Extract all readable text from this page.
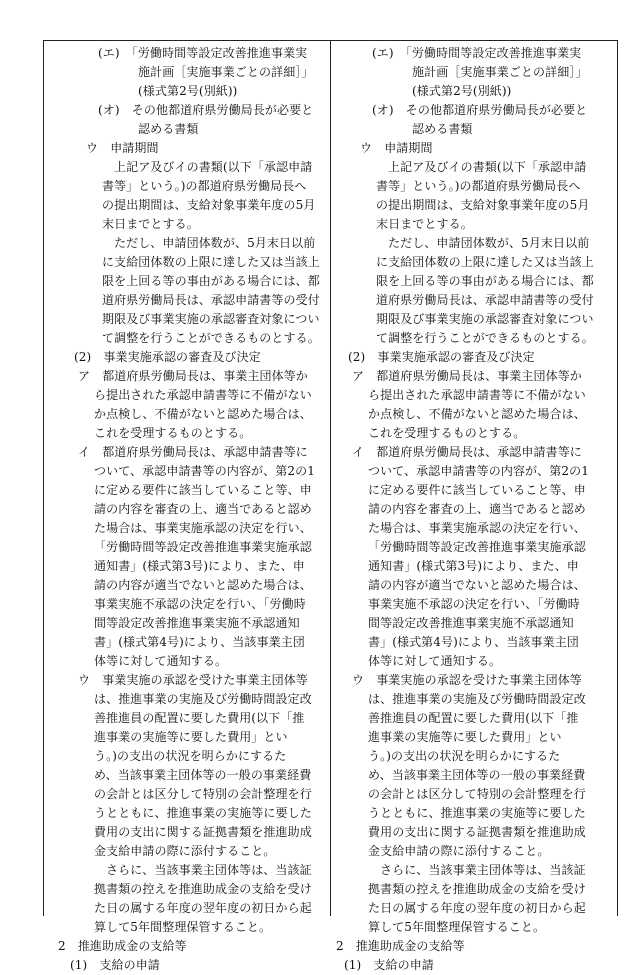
(エ)　「労働時間等設定改善推進事業実
施計画［実施事業ごとの詳細］」
(様式第2号(別紙))
(オ)　その他都道府県労働局長が必要と
認める書類
ウ　申請期間
上記ア及びイの書類(以下「承認申請
書等」という。)の都道府県労働局長へ
の提出期間は、支給対象事業年度の5月
末日までとする。
ただし、申請団体数が、5月末日以前
に支給団体数の上限に達した又は当該上
限を上回る等の事由がある場合には、都
道府県労働局長は、承認申請書等の受付
期限及び事業実施の承認審査対象につい
て調整を行うことができるものとする。
(2)　事業実施承認の審査及び決定
ア　都道府県労働局長は、事業主団体等か
ら提出された承認申請書等に不備がない
か点検し、不備がないと認めた場合は、
これを受理するものとする。
イ　都道府県労働局長は、承認申請書等に
ついて、承認申請書等の内容が、第2の1
に定める要件に該当していること等、申
請の内容を審査の上、適当であると認め
た場合は、事業実施承認の決定を行い、
「労働時間等設定改善推進事業実施承認
通知書」(様式第3号)により、また、申
請の内容が適当でないと認めた場合は、
事業実施不承認の決定を行い、「労働時
間等設定改善推進事業実施不承認通知
書」(様式第4号)により、当該事業主団
体等に対して通知する。
ウ　事業実施の承認を受けた事業主団体等
は、推進事業の実施及び労働時間設定改
善推進員の配置に要した費用(以下「推
進事業の実施等に要した費用」とい
う。)の支出の状況を明らかにするた
め、当該事業主団体等の一般の事業経費
の会計とは区分して特別の会計整理を行
うとともに、推進事業の実施等に要した
費用の支出に関する証拠書類を推進助成
金支給申請の際に添付すること。
さらに、当該事業主団体等は、当該証
拠書類の控えを推進助成金の支給を受け
た日の属する年度の翌年度の初日から起
算して5年間整理保管すること。
2　推進助成金の支給等
(1)　支給の申請
(エ)　「労働時間等設定改善推進事業実
施計画［実施事業ごとの詳細］」
(様式第2号(別紙))
(オ)　その他都道府県労働局長が必要と
認める書類
ウ　申請期間
上記ア及びイの書類(以下「承認申請
書等」という。)の都道府県労働局長へ
の提出期間は、支給対象事業年度の5月
末日までとする。
ただし、申請団体数が、5月末日以前
に支給団体数の上限に達した又は当該上
限を上回る等の事由がある場合には、都
道府県労働局長は、承認申請書等の受付
期限及び事業実施の承認審査対象につい
て調整を行うことができるものとする。
(2)　事業実施承認の審査及び決定
ア　都道府県労働局長は、事業主団体等か
ら提出された承認申請書等に不備がない
か点検し、不備がないと認めた場合は、
これを受理するものとする。
イ　都道府県労働局長は、承認申請書等に
ついて、承認申請書等の内容が、第2の1
に定める要件に該当していること等、申
請の内容を審査の上、適当であると認め
た場合は、事業実施承認の決定を行い、
「労働時間等設定改善推進事業実施承認
通知書」(様式第3号)により、また、申
請の内容が適当でないと認めた場合は、
事業実施不承認の決定を行い、「労働時
間等設定改善推進事業実施不承認通知
書」(様式第4号)により、当該事業主団
体等に対して通知する。
ウ　事業実施の承認を受けた事業主団体等
は、推進事業の実施及び労働時間設定改
善推進員の配置に要した費用(以下「推
進事業の実施等に要した費用」とい
う。)の支出の状況を明らかにするた
め、当該事業主団体等の一般の事業経費
の会計とは区分して特別の会計整理を行
うとともに、推進事業の実施等に要した
費用の支出に関する証拠書類を推進助成
金支給申請の際に添付すること。
さらに、当該事業主団体等は、当該証
拠書類の控えを推進助成金の支給を受け
た日の属する年度の翌年度の初日から起
算して5年間整理保管すること。
2　推進助成金の支給等
(1)　支給の申請
